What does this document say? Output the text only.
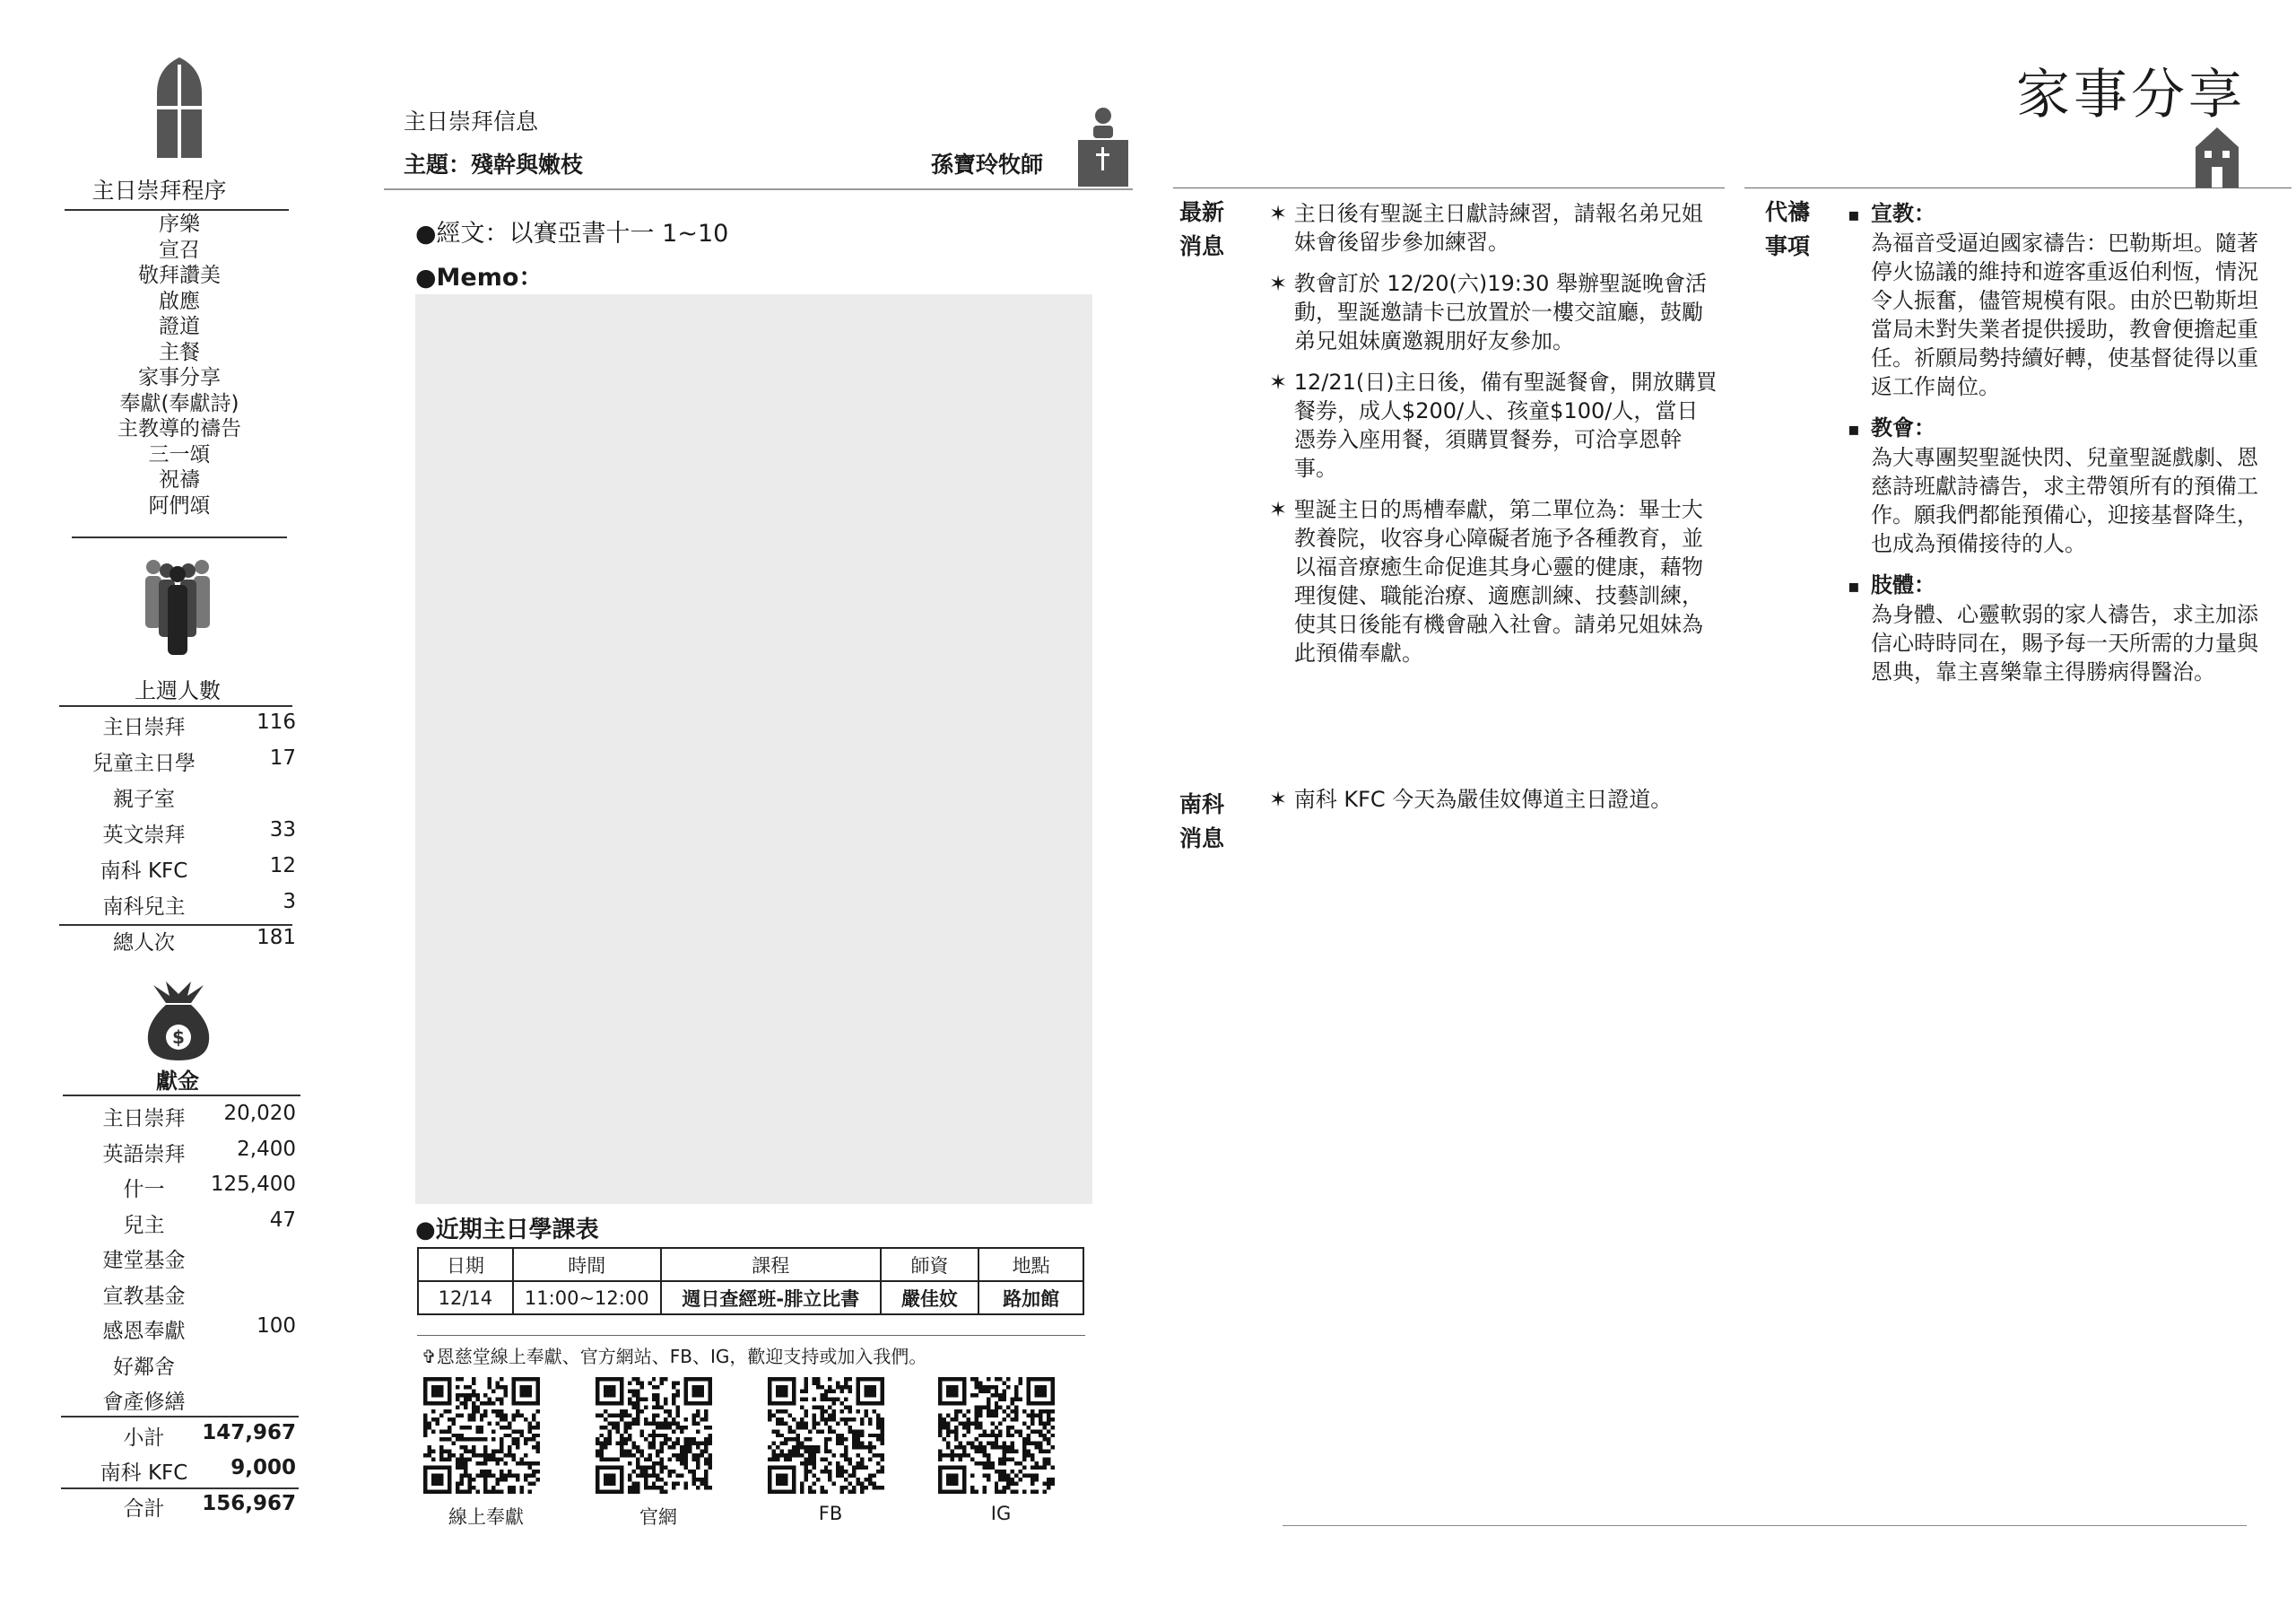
主日崇拜程序
序樂
宣召
敬拜讚美
啟應
證道
主餐
家事分享
奉獻(奉獻詩)
主教導的禱告
三一頌
祝禱
阿們頌
上週人數
主日崇拜	116
兒童主日學	17
親子室
英文崇拜	33
南科 KFC	12
南科兒主	3
總人次	181
$
獻金
主日崇拜	20,020
英語崇拜	2,400
什一	125,400
兒主	47
建堂基金
宣教基金
感恩奉獻	100
好鄰舍
會產修繕
小計	147,967
南科 KFC	9,000
合計	156,967
主日崇拜信息
主題：殘幹與嫩枝	孫寶玲牧師
●經文：以賽亞書十一 1~10
●Memo：
●近期主日學課表
日期	時間	課程	師資	地點
12/14	11:00~12:00	週日查經班-腓立比書	嚴佳妏	路加館
✞恩慈堂線上奉獻、官方網站、FB、IG，歡迎支持或加入我們。
線上奉獻	官網	FB	IG
家事分享
最新
消息

✶ 主日後有聖誕主日獻詩練習，請報名弟兄姐妹會後留步參加練習。

✶ 教會訂於 12/20(六)19:30 舉辦聖誕晚會活動，聖誕邀請卡已放置於一樓交誼廳，鼓勵弟兄姐妹廣邀親朋好友參加。

✶ 12/21(日)主日後，備有聖誕餐會，開放購買餐券，成人$200/人、孩童$100/人，當日憑券入座用餐，須購買餐券，可洽享恩幹事。

✶ 聖誕主日的馬槽奉獻，第二單位為：畢士大教養院，收容身心障礙者施予各種教育，並以福音療癒生命促進其身心靈的健康，藉物理復健、職能治療、適應訓練、技藝訓練，使其日後能有機會融入社會。請弟兄姐妹為此預備奉獻。

代禱
事項

▪ 宣教：

為福音受逼迫國家禱告：巴勒斯坦。隨著停火協議的維持和遊客重返伯利恆，情況令人振奮，儘管規模有限。由於巴勒斯坦當局未對失業者提供援助，教會便擔起重任。祈願局勢持續好轉，使基督徒得以重返工作崗位。

▪ 教會：

為大專團契聖誕快閃、兒童聖誕戲劇、恩慈詩班獻詩禱告，求主帶領所有的預備工作。願我們都能預備心，迎接基督降生，也成為預備接待的人。

▪ 肢體：

為身體、心靈軟弱的家人禱告，求主加添信心時時同在，賜予每一天所需的力量與恩典，靠主喜樂靠主得勝病得醫治。

南科
消息
✶ 南科 KFC 今天為嚴佳妏傳道主日證道。
